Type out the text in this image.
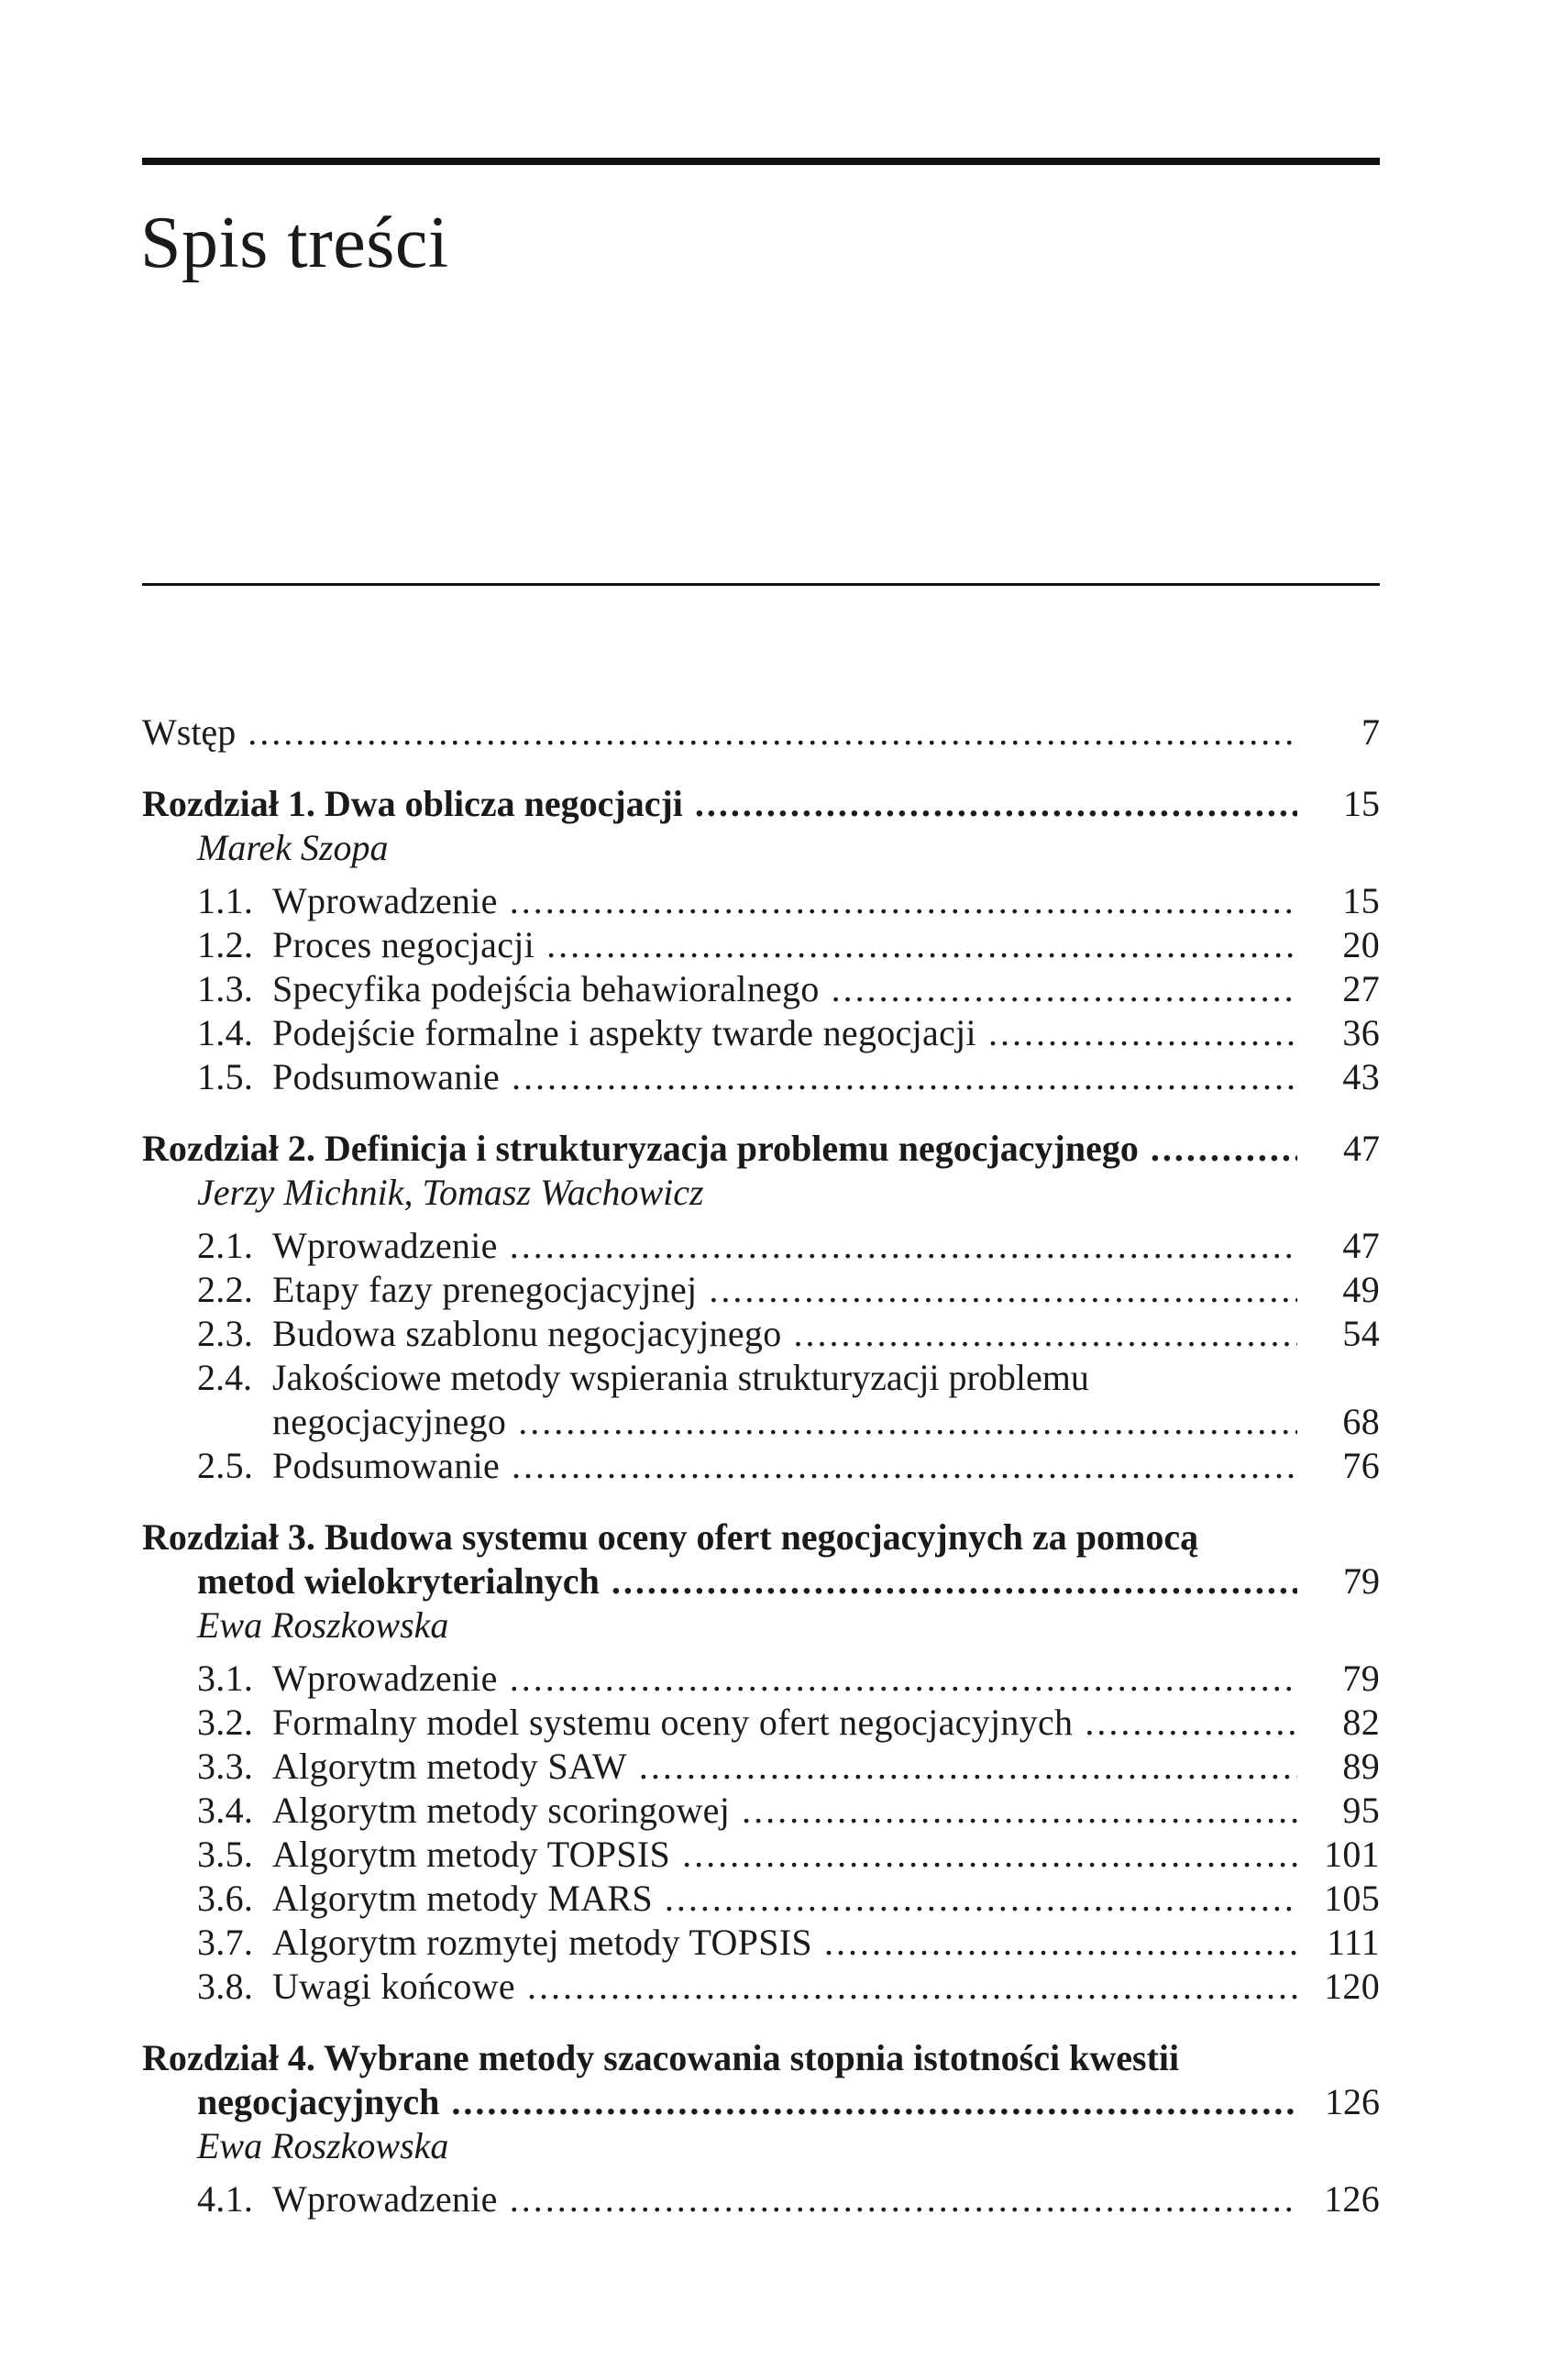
Spis treści
Wstęp .....	7
Rozdział 1. Dwa oblicza negocjacji .....	15
Marek Szopa
1.1. Wprowadzenie .....	15
1.2. Proces negocjacji .....	20
1.3. Specyfika podejścia behawioralnego .....	27
1.4. Podejście formalne i aspekty twarde negocjacji .....	36
1.5. Podsumowanie .....	43
Rozdział 2. Definicja i strukturyzacja problemu negocjacyjnego .....	47
Jerzy Michnik, Tomasz Wachowicz
2.1. Wprowadzenie .....	47
2.2. Etapy fazy prenegocjacyjnej .....	49
2.3. Budowa szablonu negocjacyjnego .....	54
2.4. Jakościowe metody wspierania strukturyzacji problemu
negocjacyjnego .....	68
2.5. Podsumowanie .....	76
Rozdział 3. Budowa systemu oceny ofert negocjacyjnych za pomocą
metod wielokryterialnych .....	79
Ewa Roszkowska
3.1. Wprowadzenie .....	79
3.2. Formalny model systemu oceny ofert negocjacyjnych .....	82
3.3. Algorytm metody SAW .....	89
3.4. Algorytm metody scoringowej .....	95
3.5. Algorytm metody TOPSIS .....	101
3.6. Algorytm metody MARS .....	105
3.7. Algorytm rozmytej metody TOPSIS .....	111
3.8. Uwagi końcowe .....	120
Rozdział 4. Wybrane metody szacowania stopnia istotności kwestii
negocjacyjnych .....	126
Ewa Roszkowska
4.1. Wprowadzenie .....	126
